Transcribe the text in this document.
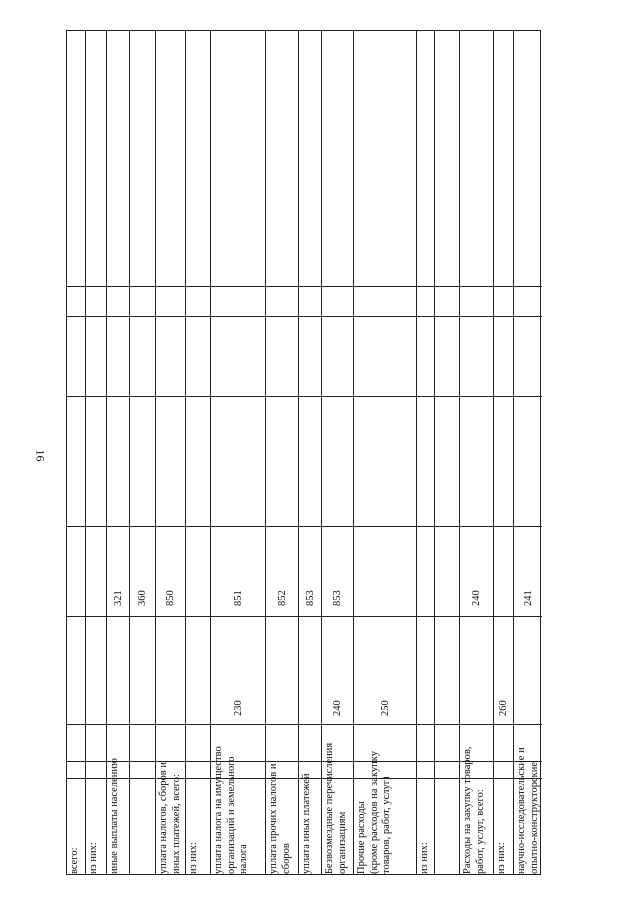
16
всего: из них: иные выплаты населению
321 360
уплата налогов, сборов и иных платежей, всего:
850
из них: уплата налога на имущество организаций и земельного налога
230
851
уплата прочих налогов и сборов
852
уплата иных платежей
853
Безвозмездные перечисления организациям
240
853
Прочие расходы (кроме расходов на закупку товаров, работ, услуг)
250
из них:	Расходы на закупку товаров, работ, услуг, всего:
240
из них:
260
научно-исследовательские и опытно-конструкторские
241
